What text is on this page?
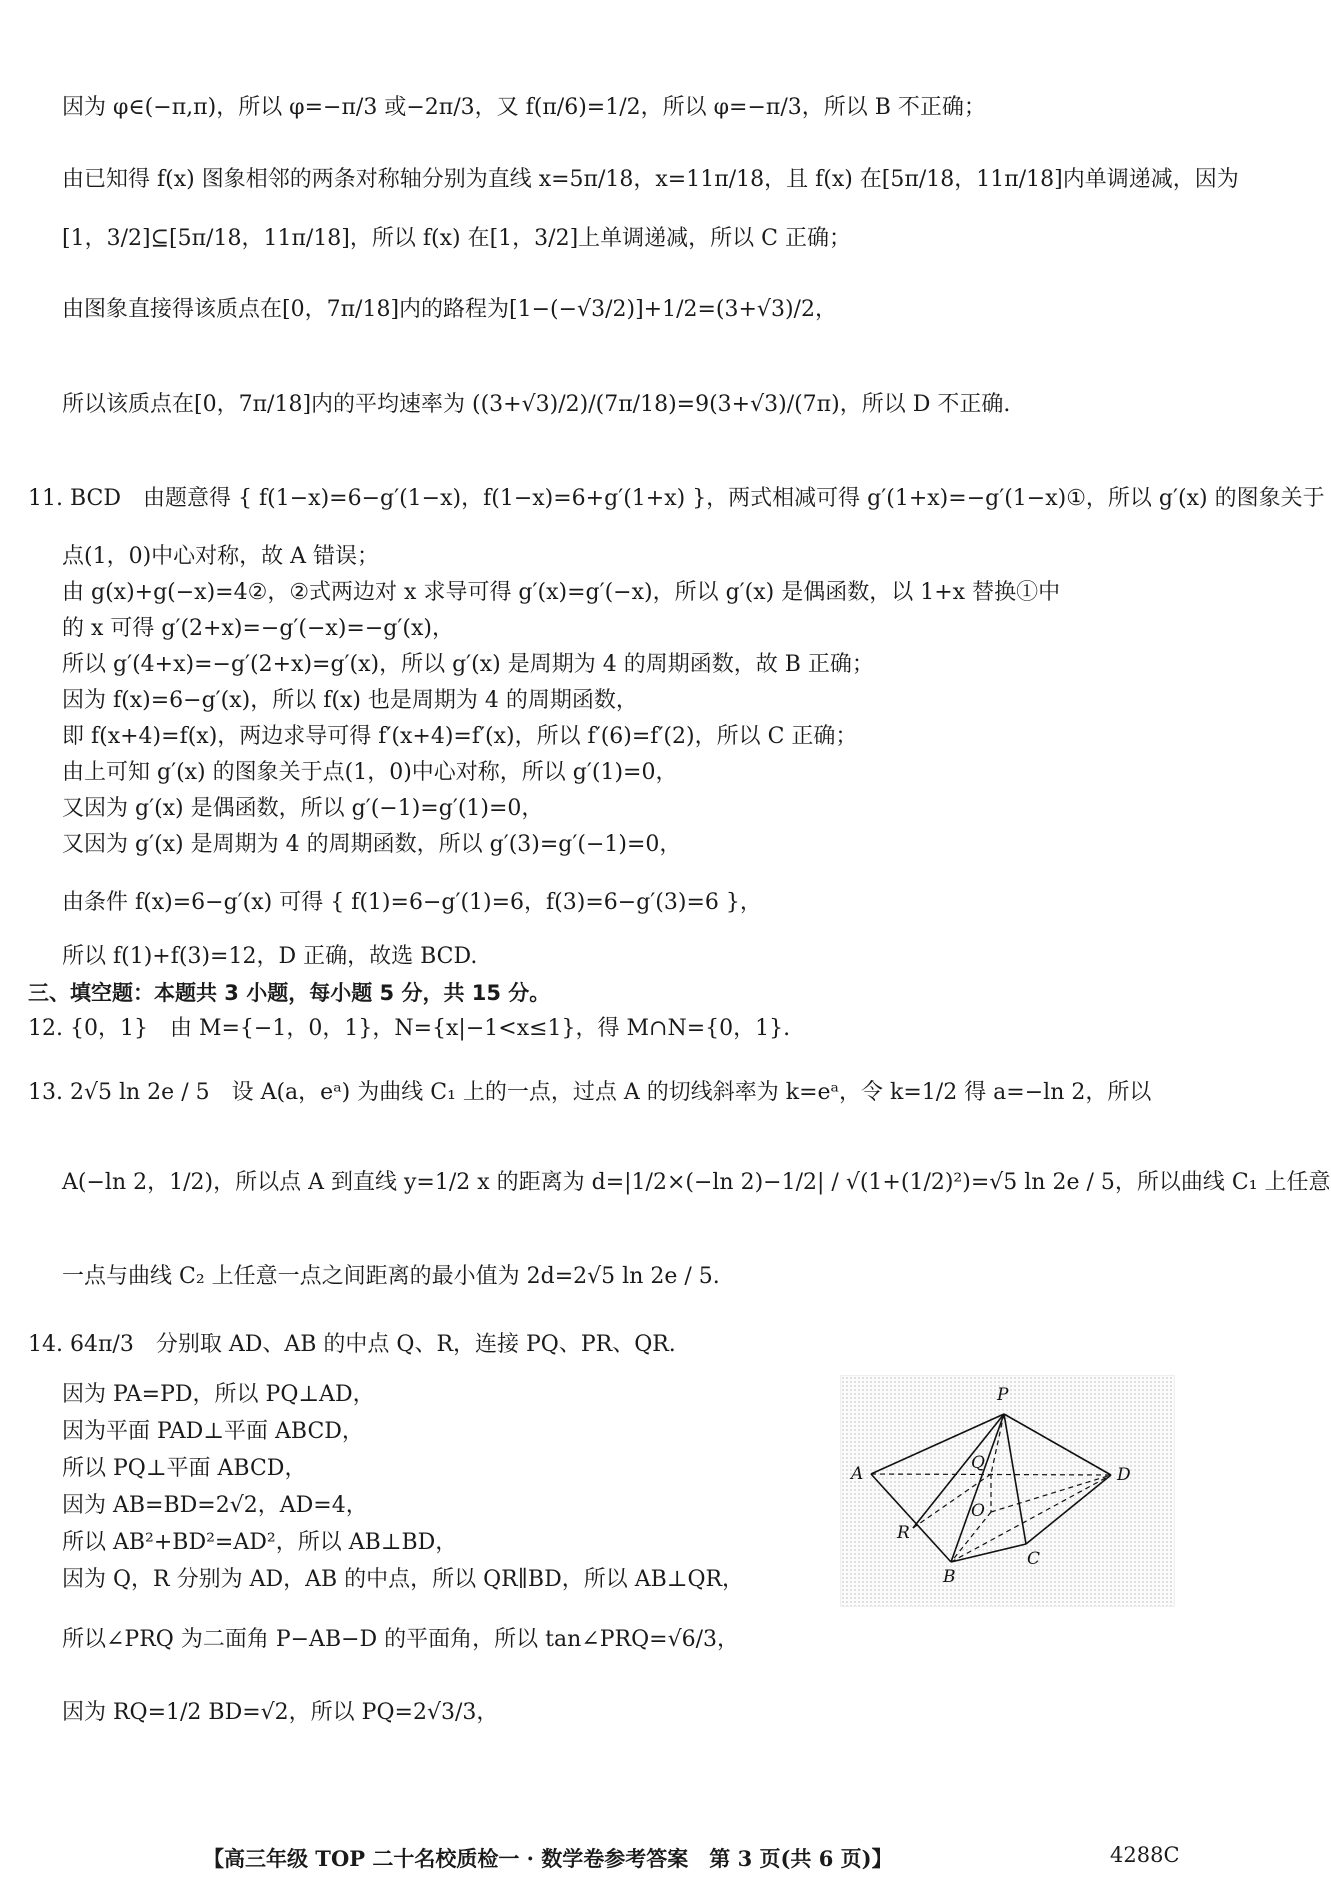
因为 φ∈(−π,π)，所以 φ=−π/3 或−2π/3，又 f(π/6)=1/2，所以 φ=−π/3，所以 B 不正确；
由已知得 f(x) 图象相邻的两条对称轴分别为直线 x=5π/18，x=11π/18，且 f(x) 在[5π/18，11π/18]内单调递减，因为
[1，3/2]⊆[5π/18，11π/18]，所以 f(x) 在[1，3/2]上单调递减，所以 C 正确；
由图象直接得该质点在[0，7π/18]内的路程为[1−(−√3/2)]+1/2=(3+√3)/2，
所以该质点在[0，7π/18]内的平均速率为 ((3+√3)/2)/(7π/18)=9(3+√3)/(7π)，所以 D 不正确.
11. BCD　由题意得 { f(1−x)=6−g′(1−x)，f(1−x)=6+g′(1+x) }，两式相减可得 g′(1+x)=−g′(1−x)①，所以 g′(x) 的图象关于
点(1，0)中心对称，故 A 错误；
由 g(x)+g(−x)=4②，②式两边对 x 求导可得 g′(x)=g′(−x)，所以 g′(x) 是偶函数，以 1+x 替换①中
的 x 可得 g′(2+x)=−g′(−x)=−g′(x)，
所以 g′(4+x)=−g′(2+x)=g′(x)，所以 g′(x) 是周期为 4 的周期函数，故 B 正确；
因为 f(x)=6−g′(x)，所以 f(x) 也是周期为 4 的周期函数，
即 f(x+4)=f(x)，两边求导可得 f′(x+4)=f′(x)，所以 f′(6)=f′(2)，所以 C 正确；
由上可知 g′(x) 的图象关于点(1，0)中心对称，所以 g′(1)=0，
又因为 g′(x) 是偶函数，所以 g′(−1)=g′(1)=0，
又因为 g′(x) 是周期为 4 的周期函数，所以 g′(3)=g′(−1)=0，
由条件 f(x)=6−g′(x) 可得 { f(1)=6−g′(1)=6，f(3)=6−g′(3)=6 }，
所以 f(1)+f(3)=12，D 正确，故选 BCD.
三、填空题：本题共 3 小题，每小题 5 分，共 15 分。
12. {0，1}　由 M={−1，0，1}，N={x|−1<x≤1}，得 M∩N={0，1}.
13. 2√5 ln 2e / 5　设 A(a，eᵃ) 为曲线 C₁ 上的一点，过点 A 的切线斜率为 k=eᵃ，令 k=1/2 得 a=−ln 2，所以
A(−ln 2，1/2)，所以点 A 到直线 y=1/2 x 的距离为 d=|1/2×(−ln 2)−1/2| / √(1+(1/2)²)=√5 ln 2e / 5，所以曲线 C₁ 上任意
一点与曲线 C₂ 上任意一点之间距离的最小值为 2d=2√5 ln 2e / 5.
14. 64π/3　分别取 AD、AB 的中点 Q、R，连接 PQ、PR、QR.
因为 PA=PD，所以 PQ⊥AD，
因为平面 PAD⊥平面 ABCD，
所以 PQ⊥平面 ABCD，
因为 AB=BD=2√2，AD=4，
所以 AB²+BD²=AD²，所以 AB⊥BD，
因为 Q，R 分别为 AD，AB 的中点，所以 QR∥BD，所以 AB⊥QR，
所以∠PRQ 为二面角 P−AB−D 的平面角，所以 tan∠PRQ=√6/3，
因为 RQ=1/2 BD=√2，所以 PQ=2√3/3，
P
A	D
Q
O
R
B
C
【高三年级 TOP 二十名校质检一 · 数学卷参考答案　第 3 页(共 6 页)】	4288C
